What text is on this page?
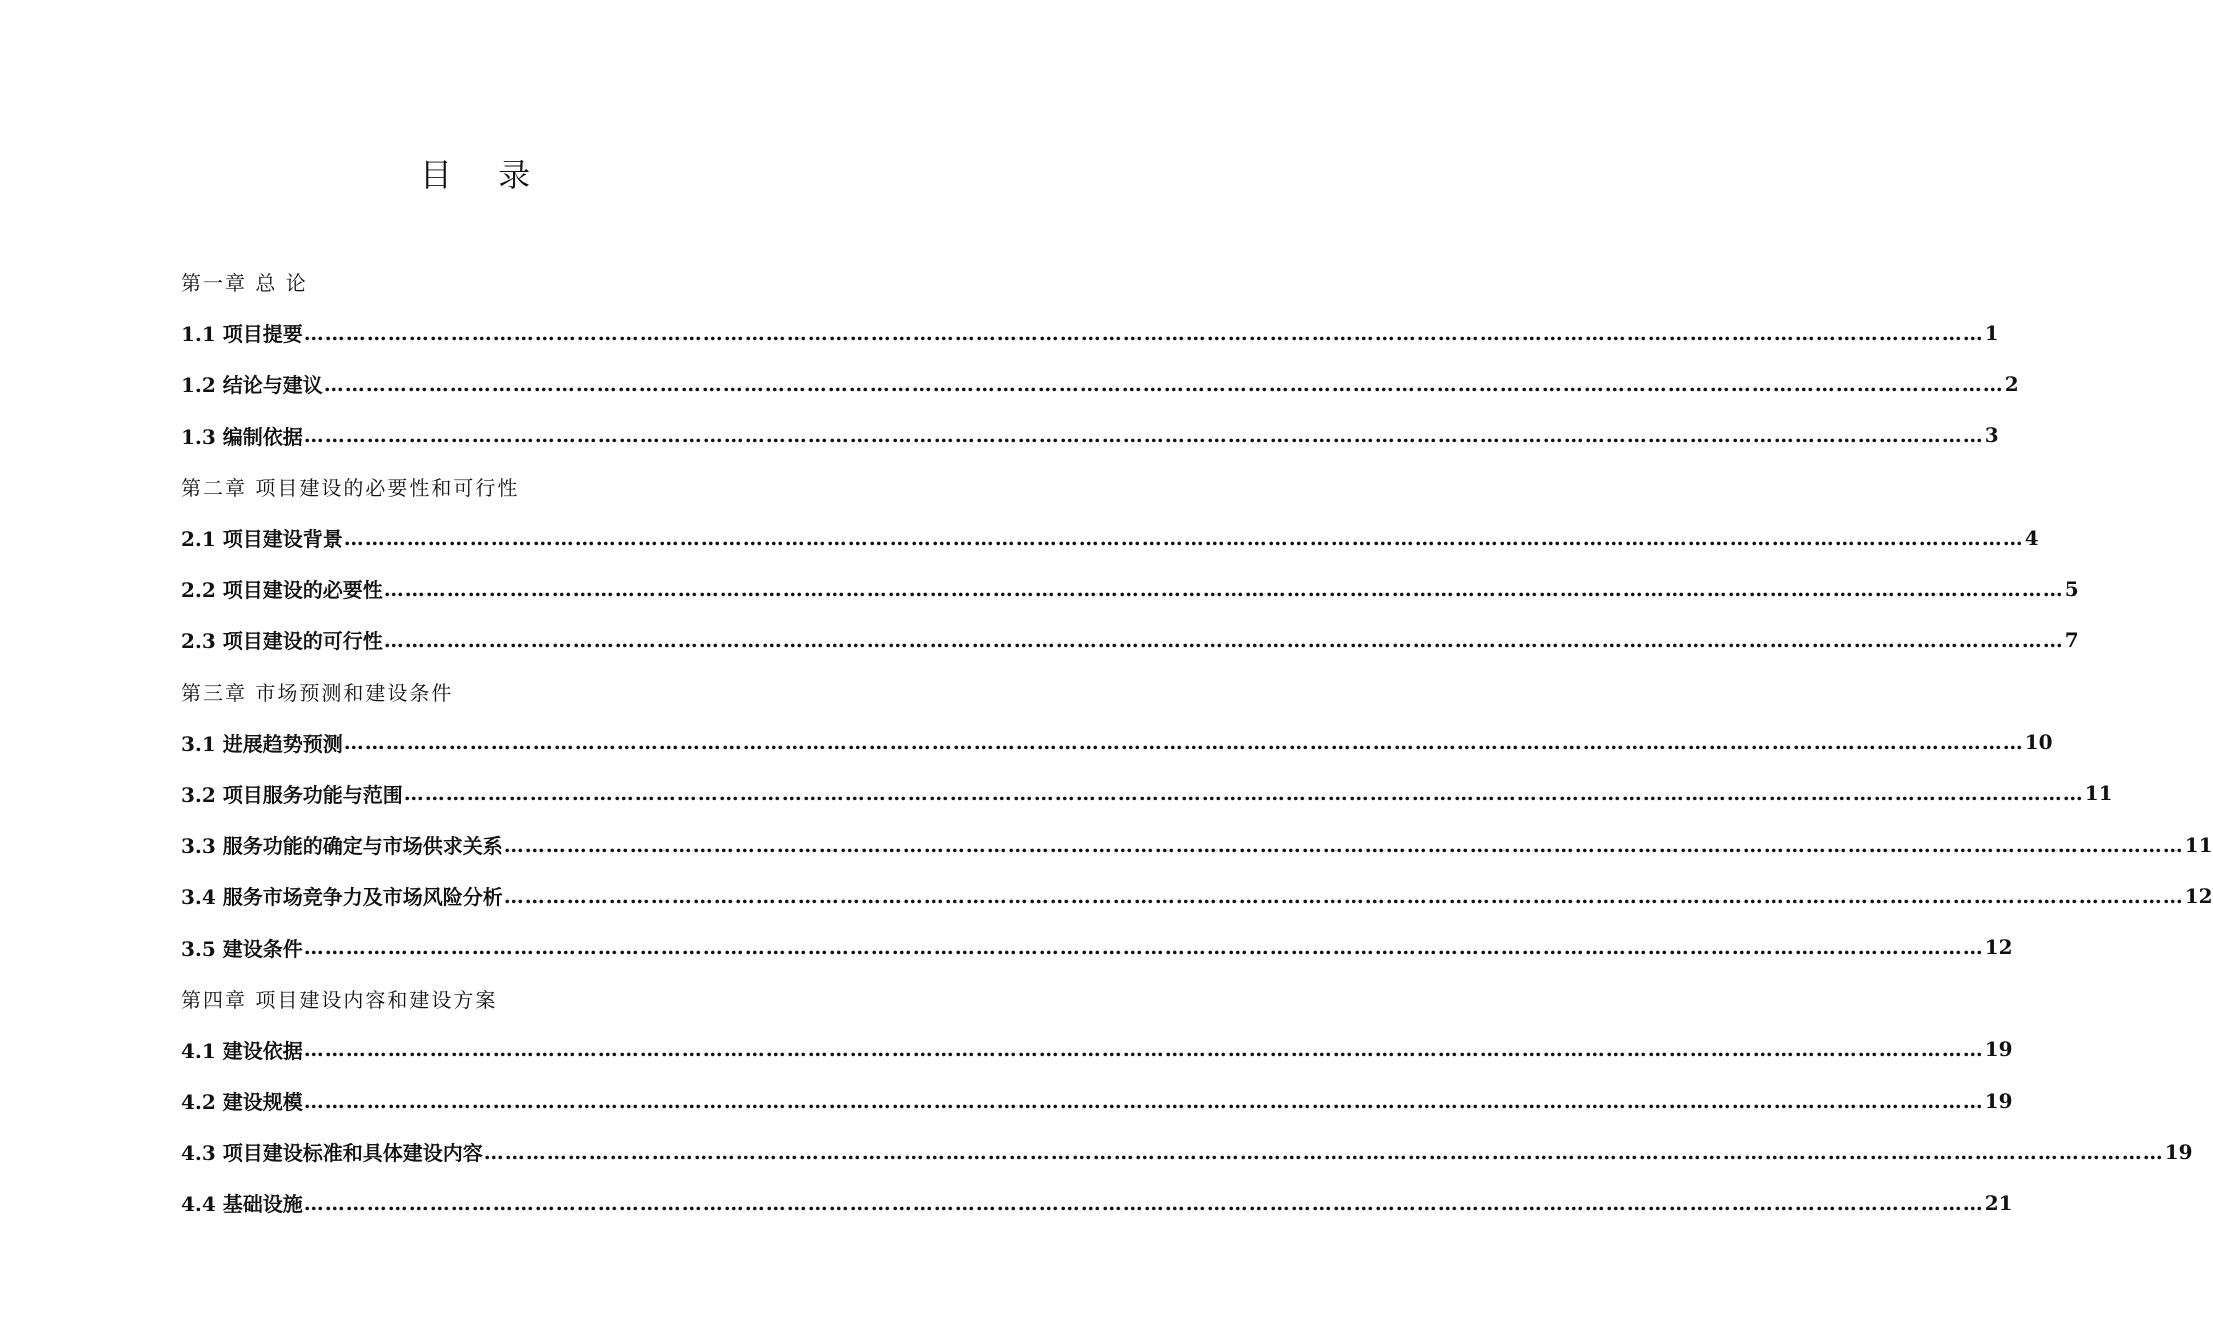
目 录
第一章 总 论
1.1 项目提要 …………………………………………………………………………………………………………………………………………………………………………………………………………………… 1
1.2 结论与建议 …………………………………………………………………………………………………………………………………………………………………………………………………………………… 2
1.3 编制依据 …………………………………………………………………………………………………………………………………………………………………………………………………………………… 3
第二章 项目建设的必要性和可行性
2.1 项目建设背景 …………………………………………………………………………………………………………………………………………………………………………………………………………………… 4
2.2 项目建设的必要性 …………………………………………………………………………………………………………………………………………………………………………………………………………………… 5
2.3 项目建设的可行性 …………………………………………………………………………………………………………………………………………………………………………………………………………………… 7
第三章 市场预测和建设条件
3.1 进展趋势预测 …………………………………………………………………………………………………………………………………………………………………………………………………………………… 10
3.2 项目服务功能与范围 …………………………………………………………………………………………………………………………………………………………………………………………………………………… 11
3.3 服务功能的确定与市场供求关系 …………………………………………………………………………………………………………………………………………………………………………………………………………………… 11
3.4 服务市场竞争力及市场风险分析 …………………………………………………………………………………………………………………………………………………………………………………………………………………… 12
3.5 建设条件 …………………………………………………………………………………………………………………………………………………………………………………………………………………… 12
第四章 项目建设内容和建设方案
4.1 建设依据 …………………………………………………………………………………………………………………………………………………………………………………………………………………… 19
4.2 建设规模 …………………………………………………………………………………………………………………………………………………………………………………………………………………… 19
4.3 项目建设标准和具体建设内容 …………………………………………………………………………………………………………………………………………………………………………………………………………………… 19
4.4 基础设施 …………………………………………………………………………………………………………………………………………………………………………………………………………………… 21
